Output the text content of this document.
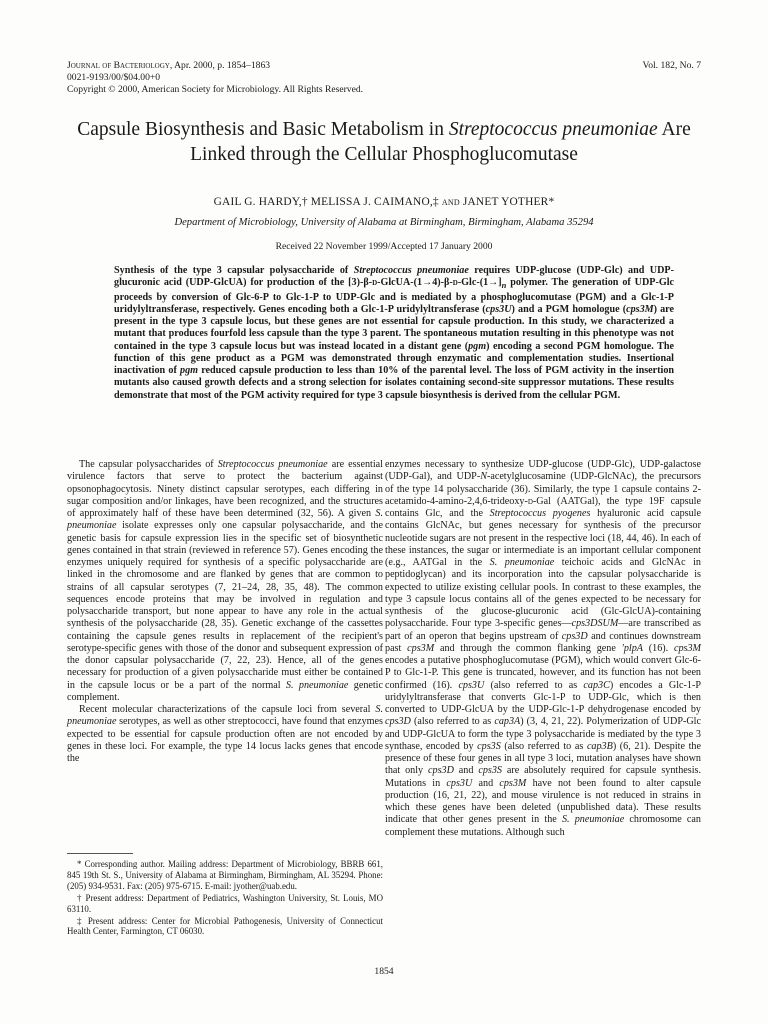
Journal of Bacteriology, Apr. 2000, p. 1854–1863
0021-9193/00/$04.00+0
Copyright © 2000, American Society for Microbiology. All Rights Reserved.
Vol. 182, No. 7
Capsule Biosynthesis and Basic Metabolism in Streptococcus pneumoniae Are Linked through the Cellular Phosphoglucomutase
GAIL G. HARDY,† MELISSA J. CAIMANO,‡ and JANET YOTHER*
Department of Microbiology, University of Alabama at Birmingham, Birmingham, Alabama 35294
Received 22 November 1999/Accepted 17 January 2000

Synthesis of the type 3 capsular polysaccharide of Streptococcus pneumoniae requires UDP-glucose (UDP-Glc) and UDP-glucuronic acid (UDP-GlcUA) for production of the $[3)-\beta-d-GlcUA-(1\to 4)-\beta-d-Glc-(1\to]_n$ polymer. The generation of UDP-Glc proceeds by conversion of Glc-6-P to Glc-1-P to UDP-Glc and is mediated by a phosphoglucomutase (PGM) and a Glc-1-P uridylyltransferase, respectively. Genes encoding both a Glc-1-P uridylyltransferase (cps3U) and a PGM homologue (cps3M) are present in the type 3 capsule locus, but these genes are not essential for capsule production. In this study, we characterized a mutant that produces fourfold less capsule than the type 3 parent. The spontaneous mutation resulting in this phenotype was not contained in the type 3 capsule locus but was instead located in a distant gene (pgm) encoding a second PGM homologue. The function of this gene product as a PGM was demonstrated through enzymatic and complementation studies. Insertional inactivation of pgm reduced capsule production to less than 10% of the parental level. The loss of PGM activity in the insertion mutants also caused growth defects and a strong selection for isolates containing second-site suppressor mutations. These results demonstrate that most of the PGM activity required for type 3 capsule biosynthesis is derived from the cellular PGM.

The capsular polysaccharides of Streptococcus pneumoniae are essential virulence factors that serve to protect the bacterium against opsonophagocytosis. Ninety distinct capsular serotypes, each differing in sugar composition and/or linkages, have been recognized, and the structures of approximately half of these have been determined (32, 56). A given S. pneumoniae isolate expresses only one capsular polysaccharide, and the genetic basis for capsule expression lies in the specific set of biosynthetic genes contained in that strain (reviewed in reference 57). Genes encoding the enzymes uniquely required for synthesis of a specific polysaccharide are linked in the chromosome and are flanked by genes that are common to strains of all capsular serotypes (7, 21–24, 28, 35, 48). The common sequences encode proteins that may be involved in regulation and polysaccharide transport, but none appear to have any role in the actual synthesis of the polysaccharide (28, 35). Genetic exchange of the cassettes containing the capsule genes results in replacement of the recipient's serotype-specific genes with those of the donor and subsequent expression of the donor capsular polysaccharide (7, 22, 23). Hence, all of the genes necessary for production of a given polysaccharide must either be contained in the capsule locus or be a part of the normal S. pneumoniae genetic complement.

Recent molecular characterizations of the capsule loci from several S. pneumoniae serotypes, as well as other streptococci, have found that enzymes expected to be essential for capsule production often are not encoded by genes in these loci. For example, the type 14 locus lacks genes that encode the

enzymes necessary to synthesize UDP-glucose (UDP-Glc), UDP-galactose (UDP-Gal), and UDP-N-acetylglucosamine (UDP-GlcNAc), the precursors of the type 14 polysaccharide (36). Similarly, the type 1 capsule contains 2-acetamido-4-amino-2,4,6-trideoxy-d-Gal (AATGal), the type 19F capsule contains Glc, and the Streptococcus pyogenes hyaluronic acid capsule contains GlcNAc, but genes necessary for synthesis of the precursor nucleotide sugars are not present in the respective loci (18, 44, 46). In each of these instances, the sugar or intermediate is an important cellular component (e.g., AATGal in the S. pneumoniae teichoic acids and GlcNAc in peptidoglycan) and its incorporation into the capsular polysaccharide is expected to utilize existing cellular pools. In contrast to these examples, the type 3 capsule locus contains all of the genes expected to be necessary for synthesis of the glucose-glucuronic acid (Glc-GlcUA)-containing polysaccharide. Four type 3-specific genes—cps3DSUM—are transcribed as part of an operon that begins upstream of cps3D and continues downstream past cps3M and through the common flanking gene ′plpA (16). cps3M encodes a putative phosphoglucomutase (PGM), which would convert Glc-6-P to Glc-1-P. This gene is truncated, however, and its function has not been confirmed (16). cps3U (also referred to as cap3C) encodes a Glc-1-P uridylyltransferase that converts Glc-1-P to UDP-Glc, which is then converted to UDP-GlcUA by the UDP-Glc-1-P dehydrogenase encoded by cps3D (also referred to as cap3A) (3, 4, 21, 22). Polymerization of UDP-Glc and UDP-GlcUA to form the type 3 polysaccharide is mediated by the type 3 synthase, encoded by cps3S (also referred to as cap3B) (6, 21). Despite the presence of these four genes in all type 3 loci, mutation analyses have shown that only cps3D and cps3S are absolutely required for capsule synthesis. Mutations in cps3U and cps3M have not been found to alter capsule production (16, 21, 22), and mouse virulence is not reduced in strains in which these genes have been deleted (unpublished data). These results indicate that other genes present in the S. pneumoniae chromosome can complement these mutations. Although such

* Corresponding author. Mailing address: Department of Microbiology, BBRB 661, 845 19th St. S., University of Alabama at Birmingham, Birmingham, AL 35294. Phone: (205) 934-9531. Fax: (205) 975-6715. E-mail: jyother@uab.edu.

† Present address: Department of Pediatrics, Washington University, St. Louis, MO 63110.

‡ Present address: Center for Microbial Pathogenesis, University of Connecticut Health Center, Farmington, CT 06030.

1854
